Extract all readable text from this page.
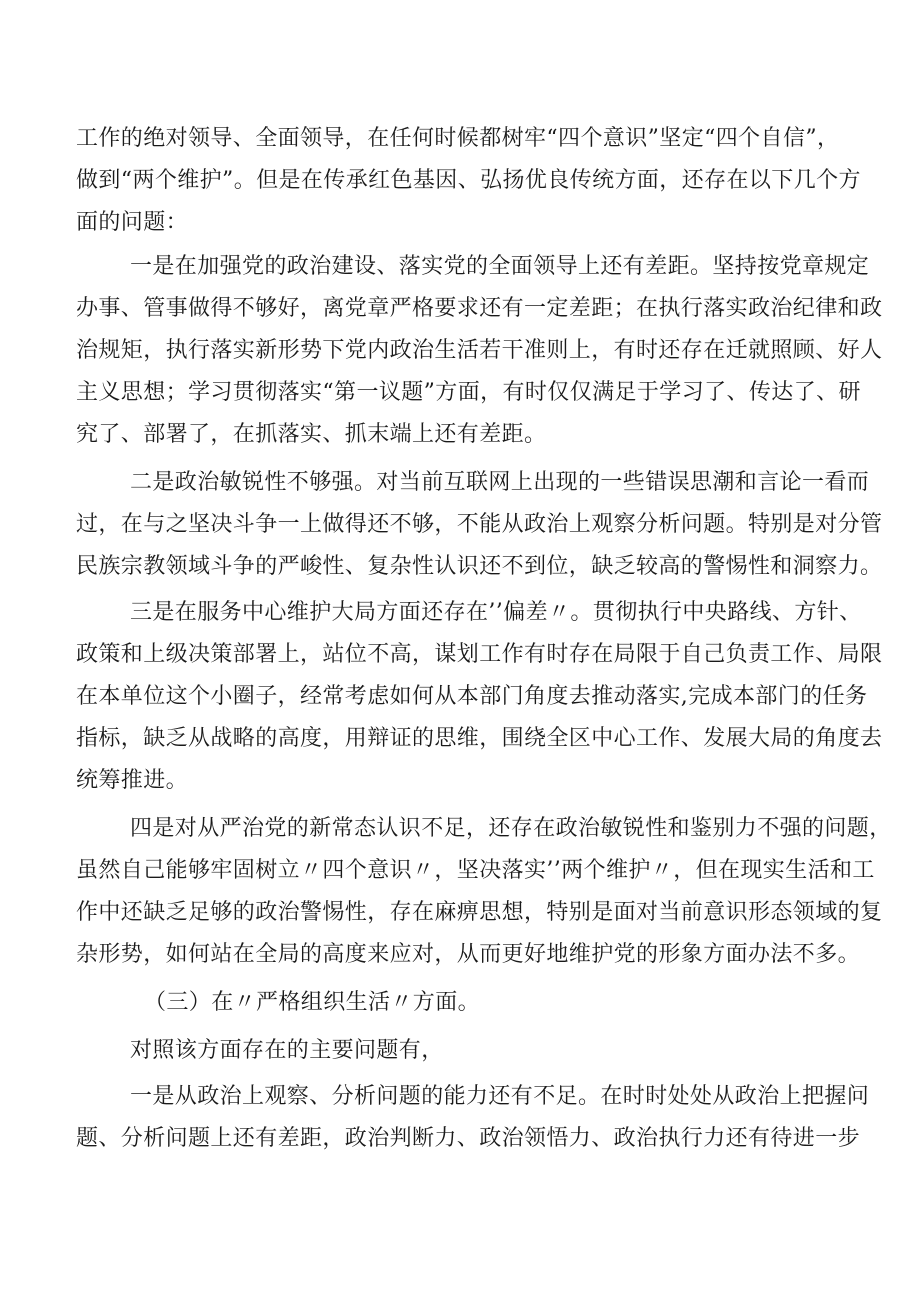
工作的绝对领导、全面领导，在任何时候都树牢“四个意识”坚定“四个自信”，
做到“两个维护”。但是在传承红色基因、弘扬优良传统方面，还存在以下几个方
面的问题：
一是在加强党的政治建设、落实党的全面领导上还有差距。坚持按党章规定
办事、管事做得不够好，离党章严格要求还有一定差距；在执行落实政治纪律和政
治规矩，执行落实新形势下党内政治生活若干准则上，有时还存在迁就照顾、好人
主义思想；学习贯彻落实“第一议题”方面，有时仅仅满足于学习了、传达了、研
究了、部署了，在抓落实、抓末端上还有差距。
二是政治敏锐性不够强。对当前互联网上出现的一些错误思潮和言论一看而
过，在与之坚决斗争一上做得还不够，不能从政治上观察分析问题。特别是对分管
民族宗教领域斗争的严峻性、复杂性认识还不到位，缺乏较高的警惕性和洞察力。
三是在服务中心维护大局方面还存在’’偏差〃。贯彻执行中央路线、方针、
政策和上级决策部署上，站位不高，谋划工作有时存在局限于自己负责工作、局限
在本单位这个小圈子，经常考虑如何从本部门角度去推动落实,完成本部门的任务
指标，缺乏从战略的高度，用辩证的思维，围绕全区中心工作、发展大局的角度去
统筹推进。
四是对从严治党的新常态认识不足，还存在政治敏锐性和鉴别力不强的问题，
虽然自己能够牢固树立〃四个意识〃，坚决落实’’两个维护〃，但在现实生活和工
作中还缺乏足够的政治警惕性，存在麻痹思想，特别是面对当前意识形态领域的复
杂形势，如何站在全局的高度来应对，从而更好地维护党的形象方面办法不多。
（三）在〃严格组织生活〃方面。
对照该方面存在的主要问题有，
一是从政治上观察、分析问题的能力还有不足。在时时处处从政治上把握问
题、分析问题上还有差距，政治判断力、政治领悟力、政治执行力还有待进一步
